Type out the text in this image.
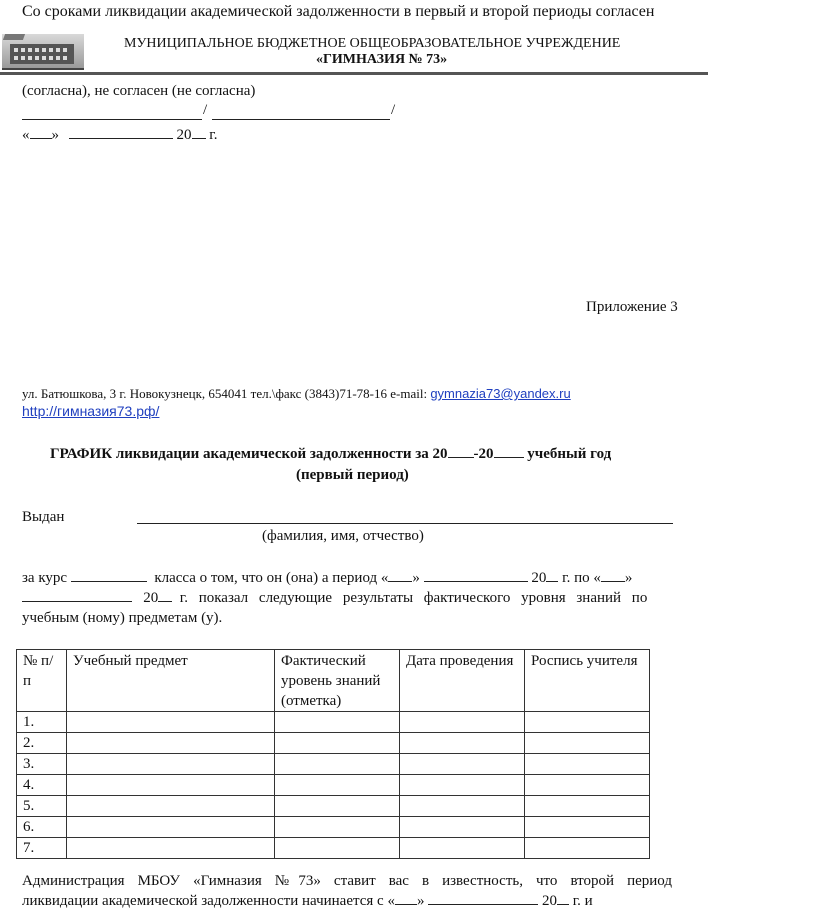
Со сроками ликвидации академической задолженности в первый и второй периоды согласен
МУНИЦИПАЛЬНОЕ БЮДЖЕТНОЕ ОБЩЕОБРАЗОВАТЕЛЬНОЕ УЧРЕЖДЕНИЕ
«ГИМНАЗИЯ № 73»
(согласна), не согласен (не согласна)
/	/
« »	20 г.
Приложение 3
ул. Батюшкова, 3 г. Новокузнецк, 654041 тел.\факс (3843)71-78-16 e-mail: gymnazia73@yandex.ru
http://гимназия73.рф/
ГРАФИК ликвидации академической задолженности за 20 -20 учебный год
(первый период)
Выдан
(фамилия, имя, отчество)
за курс	класса о том, что он (она) а период « »	20 г. по « »
20 г. показал следующие результаты фактического уровня знаний по
учебным (ному) предметам (у).
№ п/п	Учебный предмет	Фактический уровень знаний (отметка)	Дата проведения	Роспись учителя
1.				
2.				
3.				
4.				
5.				
6.				
7.				
Администрация МБОУ «Гимназия №73» ставит вас в известность, что второй период
ликвидации академической задолженности начинается с « »	20 г. и
